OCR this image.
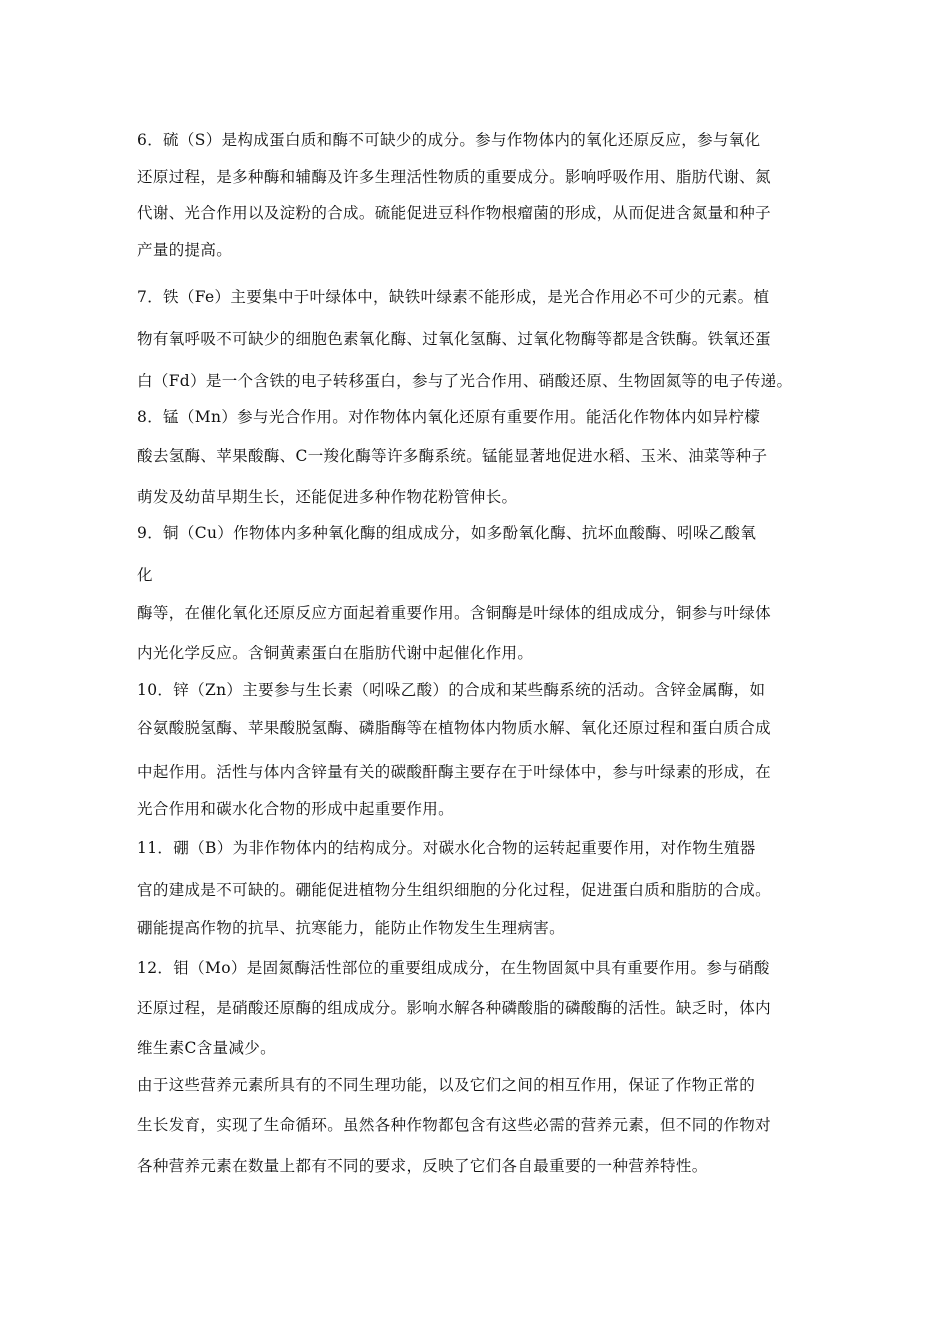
6．硫（S）是构成蛋白质和酶不可缺少的成分。参与作物体内的氧化还原反应，参与氧化
还原过程，是多种酶和辅酶及许多生理活性物质的重要成分。影响呼吸作用、脂肪代谢、氮
代谢、光合作用以及淀粉的合成。硫能促进豆科作物根瘤菌的形成，从而促进含氮量和种子
产量的提高。
7．铁（Fe）主要集中于叶绿体中，缺铁叶绿素不能形成，是光合作用必不可少的元素。植
物有氧呼吸不可缺少的细胞色素氧化酶、过氧化氢酶、过氧化物酶等都是含铁酶。铁氧还蛋
白（Fd）是一个含铁的电子转移蛋白，参与了光合作用、硝酸还原、生物固氮等的电子传递。
8．锰（Mn）参与光合作用。对作物体内氧化还原有重要作用。能活化作物体内如异柠檬
酸去氢酶、苹果酸酶、C一羧化酶等许多酶系统。锰能显著地促进水稻、玉米、油菜等种子
萌发及幼苗早期生长，还能促进多种作物花粉管伸长。
9．铜（Cu）作物体内多种氧化酶的组成成分，如多酚氧化酶、抗坏血酸酶、吲哚乙酸氧
化
酶等，在催化氧化还原反应方面起着重要作用。含铜酶是叶绿体的组成成分，铜参与叶绿体
内光化学反应。含铜黄素蛋白在脂肪代谢中起催化作用。
10．锌（Zn）主要参与生长素（吲哚乙酸）的合成和某些酶系统的活动。含锌金属酶，如
谷氨酸脱氢酶、苹果酸脱氢酶、磷脂酶等在植物体内物质水解、氧化还原过程和蛋白质合成
中起作用。活性与体内含锌量有关的碳酸酐酶主要存在于叶绿体中，参与叶绿素的形成，在
光合作用和碳水化合物的形成中起重要作用。
11．硼（B）为非作物体内的结构成分。对碳水化合物的运转起重要作用，对作物生殖器
官的建成是不可缺的。硼能促进植物分生组织细胞的分化过程，促进蛋白质和脂肪的合成。
硼能提高作物的抗旱、抗寒能力，能防止作物发生生理病害。
12．钼（Mo）是固氮酶活性部位的重要组成成分，在生物固氮中具有重要作用。参与硝酸
还原过程，是硝酸还原酶的组成成分。影响水解各种磷酸脂的磷酸酶的活性。缺乏时，体内
维生素C含量减少。
由于这些营养元素所具有的不同生理功能，以及它们之间的相互作用，保证了作物正常的
生长发育，实现了生命循环。虽然各种作物都包含有这些必需的营养元素，但不同的作物对
各种营养元素在数量上都有不同的要求，反映了它们各自最重要的一种营养特性。
